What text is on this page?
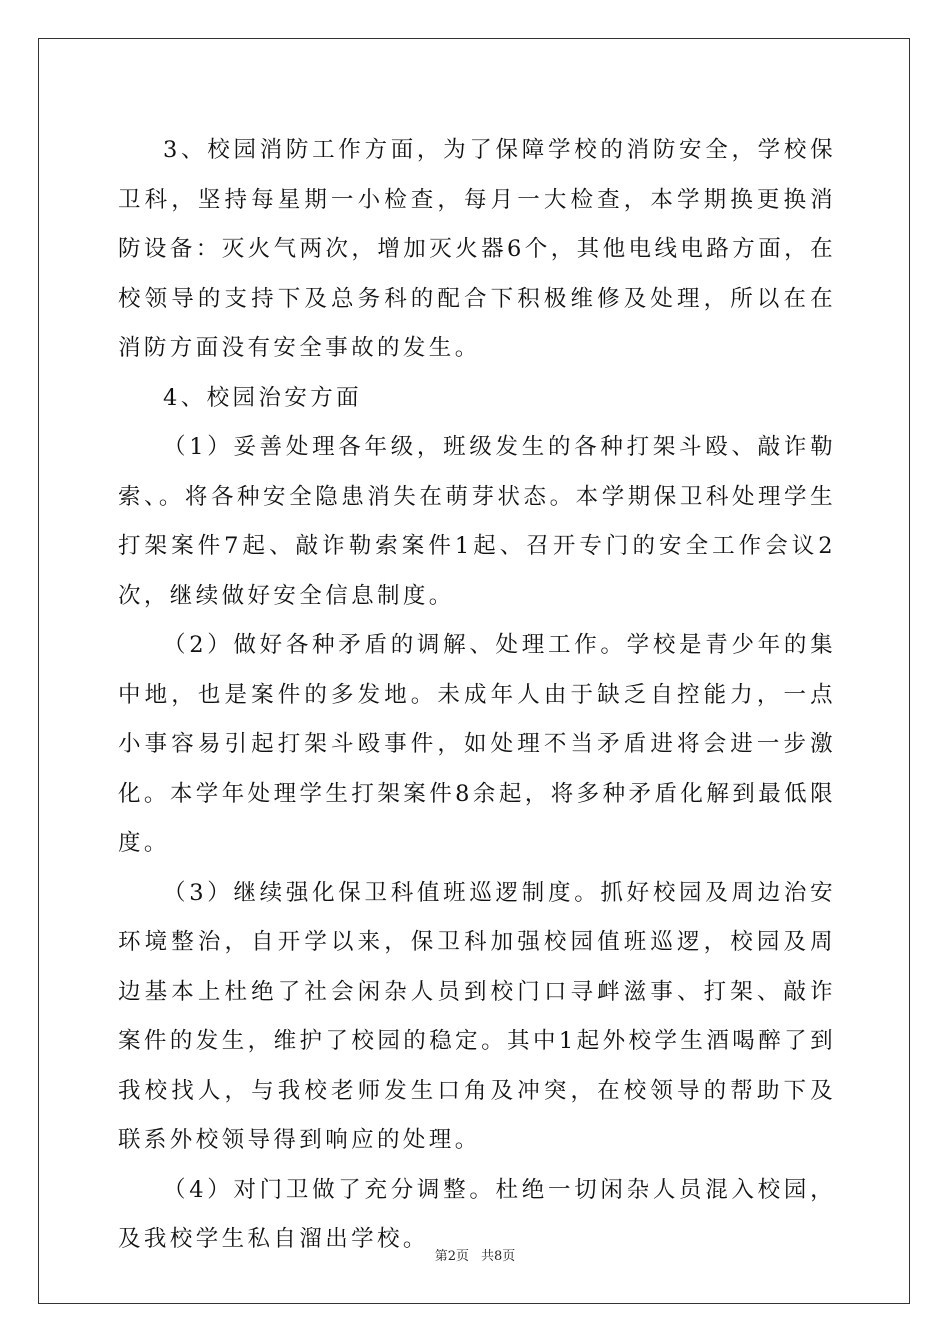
3、校园消防工作方面，为了保障学校的消防安全，学校保卫科，坚持每星期一小检查，每月一大检查，本学期换更换消防设备：灭火气两次，增加灭火器6个，其他电线电路方面，在校领导的支持下及总务科的配合下积极维修及处理，所以在在消防方面没有安全事故的发生。

4、校园治安方面

（1）妥善处理各年级，班级发生的各种打架斗殴、敲诈勒索、。将各种安全隐患消失在萌芽状态。本学期保卫科处理学生打架案件7起、敲诈勒索案件1起、召开专门的安全工作会议2次，继续做好安全信息制度。

（2）做好各种矛盾的调解、处理工作。学校是青少年的集中地，也是案件的多发地。未成年人由于缺乏自控能力，一点小事容易引起打架斗殴事件，如处理不当矛盾进将会进一步激化。本学年处理学生打架案件8余起，将多种矛盾化解到最低限度。

（3）继续强化保卫科值班巡逻制度。抓好校园及周边治安环境整治，自开学以来，保卫科加强校园值班巡逻，校园及周边基本上杜绝了社会闲杂人员到校门口寻衅滋事、打架、敲诈案件的发生，维护了校园的稳定。其中1起外校学生酒喝醉了到我校找人，与我校老师发生口角及冲突，在校领导的帮助下及联系外校领导得到响应的处理。

（4）对门卫做了充分调整。杜绝一切闲杂人员混入校园，及我校学生私自溜出学校。

第2页 共8页
